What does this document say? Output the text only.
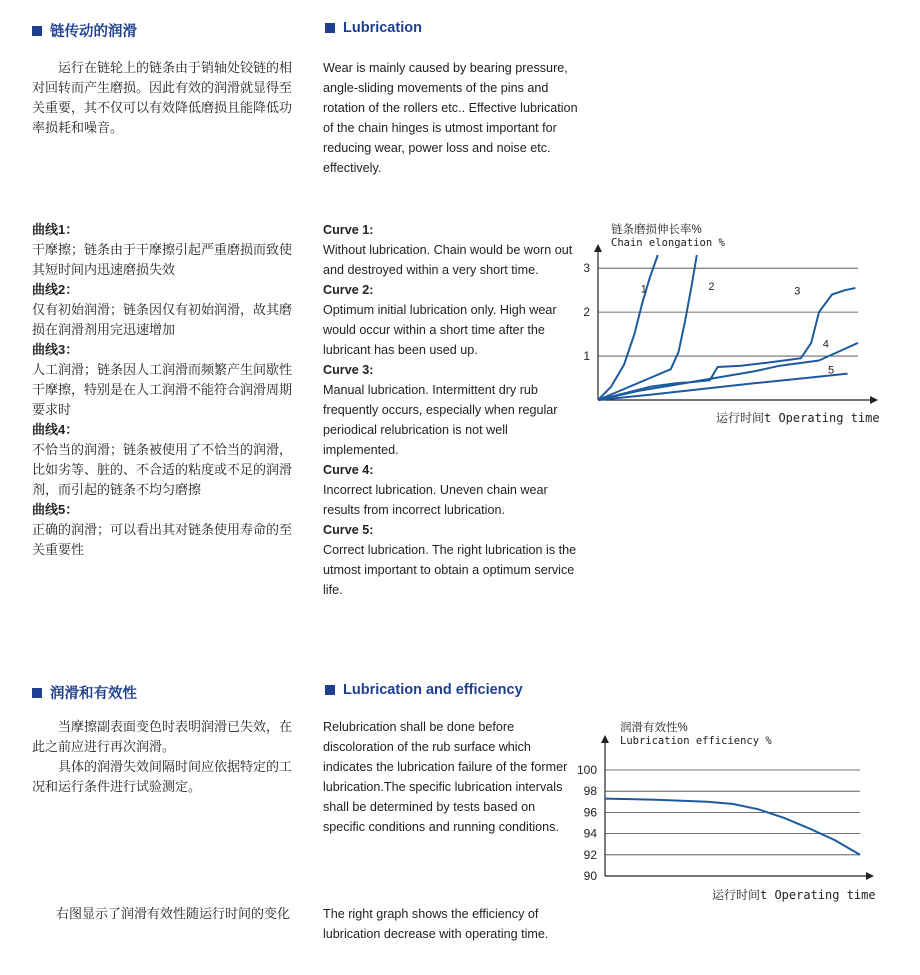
链传动的润滑	Lubrication

运行在链轮上的链条由于销轴处铰链的相对回转而产生磨损。因此有效的润滑就显得至关重要，其不仅可以有效降低磨损且能降低功率损耗和噪音。

Wear is mainly caused by bearing pressure, angle-sliding movements of the pins and rotation of the rollers etc.. Effective lubrication of the chain hinges is utmost important for reducing wear, power loss and noise etc. effectively.

曲线1：
干摩擦；链条由于干摩擦引起严重磨损而致使其短时间内迅速磨损失效
曲线2：
仅有初始润滑；链条因仅有初始润滑，故其磨损在润滑剂用完迅速增加
曲线3：
人工润滑；链条因人工润滑而频繁产生间歇性干摩擦，特别是在人工润滑不能符合润滑周期要求时
曲线4：
不恰当的润滑；链条被使用了不恰当的润滑，比如劣等、脏的、不合适的粘度或不足的润滑剂，而引起的链条不均匀磨擦
曲线5：
正确的润滑；可以看出其对链条使用寿命的至关重要性
Curve 1:
Without lubrication. Chain would be worn out and destroyed within a very short time.
Curve 2:
Optimum initial lubrication only. High wear would occur within a short time after the lubricant has been used up.
Curve 3:
Manual lubrication. Intermittent dry rub frequently occurs, especially when regular periodical relubrication is not well implemented.
Curve 4:
Incorrect lubrication. Uneven chain wear results from incorrect lubrication.
Curve 5:
Correct lubrication. The right lubrication is the utmost important to obtain a optimum service life.
链条磨损伸长率%
Chain elongation %
运行时间t Operating time
1
2
3
1	2	3
4
5
润滑和有效性	Lubrication and efficiency

当摩擦副表面变色时表明润滑已失效，在此之前应进行再次润滑。

具体的润滑失效间隔时间应依据特定的工况和运行条件进行试验测定。

Relubrication shall be done before discoloration of the rub surface which indicates the lubrication failure of the former lubrication.The specific lubrication intervals shall be determined by tests based on specific conditions and running conditions.

右图显示了润滑有效性随运行时间的变化	The right graph shows the efficiency of lubrication decrease with operating time.

润滑有效性%
Lubrication efficiency %
运行时间t Operating time
90
92
94
96
98
100
